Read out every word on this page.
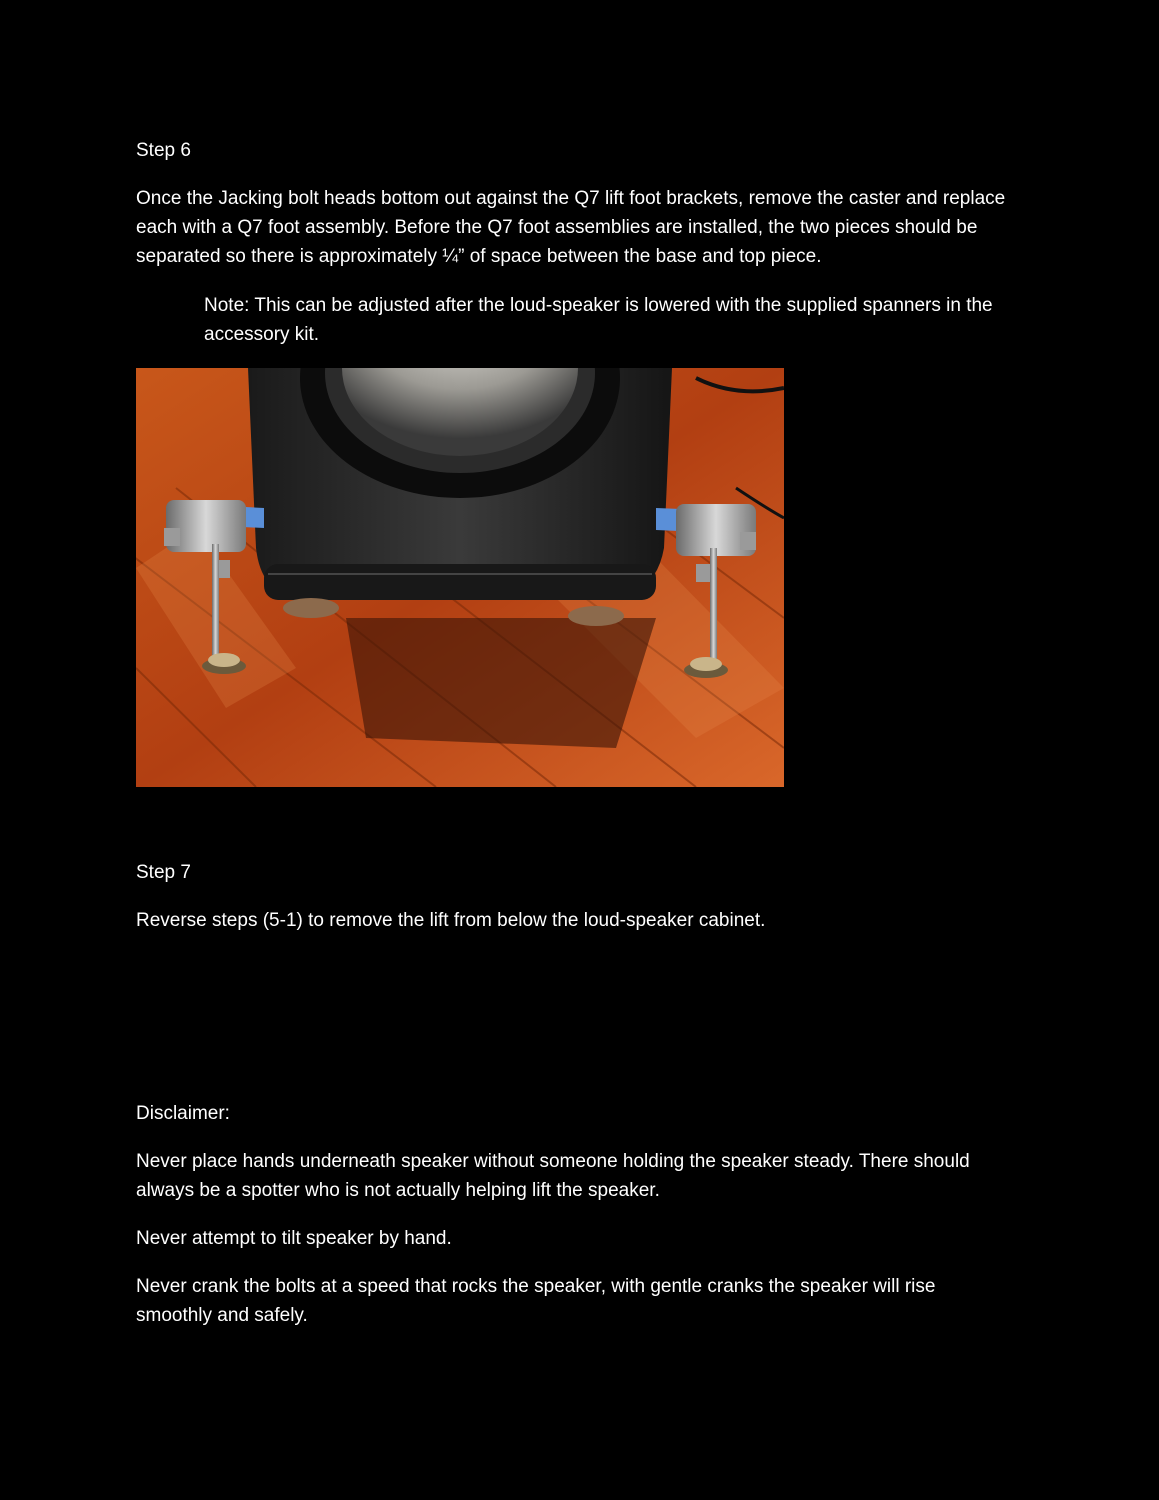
Step 6

Once the Jacking bolt heads bottom out against the Q7 lift foot brackets, remove the caster and replace each with a Q7 foot assembly. Before the Q7 foot assemblies are installed, the two pieces should be separated so there is approximately ¼” of space between the base and top piece.

Note: This can be adjusted after the loud-speaker is lowered with the supplied spanners in the accessory kit.

Step 7

Reverse steps (5-1) to remove the lift from below the loud-speaker cabinet.

Disclaimer:

Never place hands underneath speaker without someone holding the speaker steady. There should always be a spotter who is not actually helping lift the speaker.

Never attempt to tilt speaker by hand.

Never crank the bolts at a speed that rocks the speaker, with gentle cranks the speaker will rise smoothly and safely.
